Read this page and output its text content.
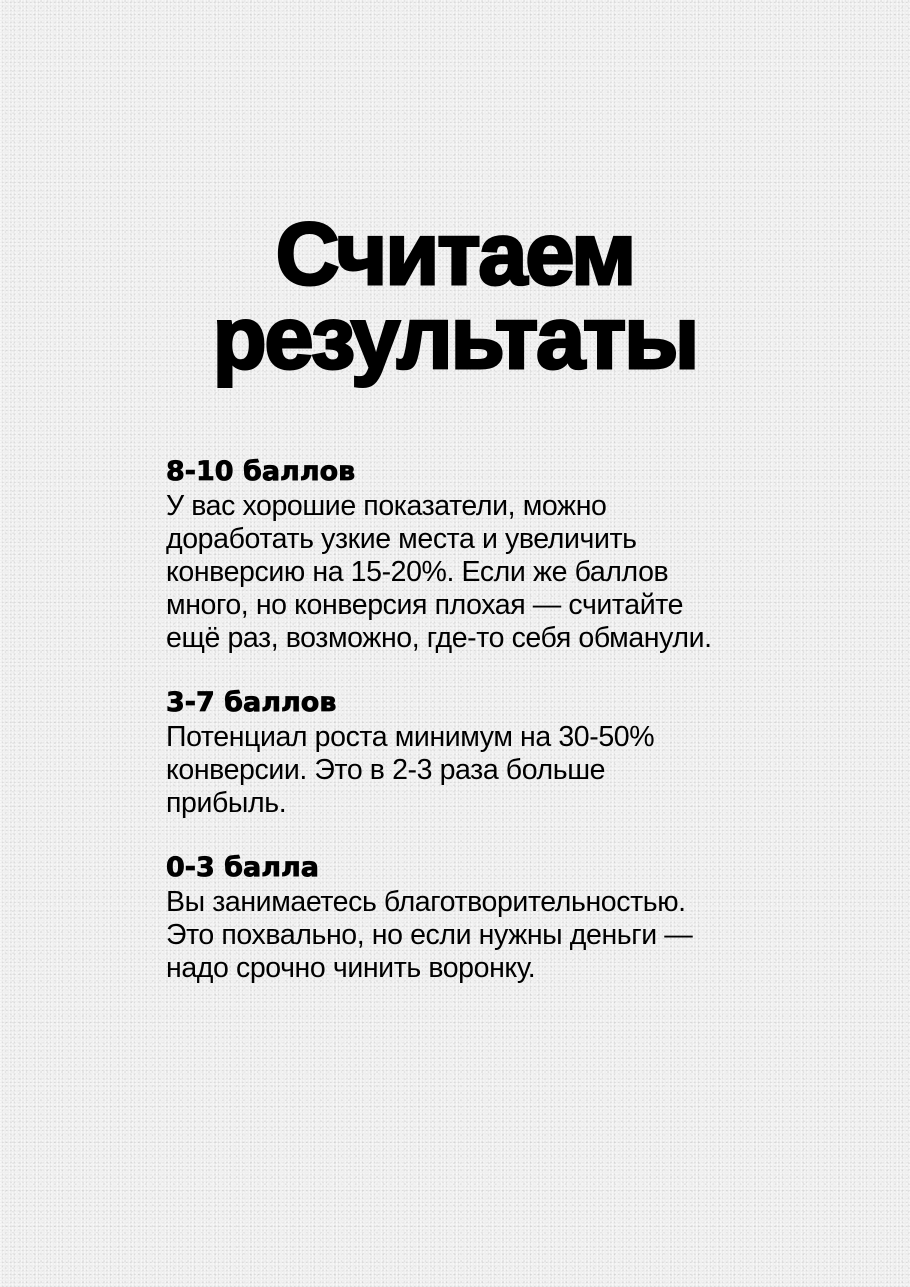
Считаем
результаты
8-10 баллов

У вас хорошие показатели, можно
доработать узкие места и увеличить
конверсию на 15-20%. Если же баллов
много, но конверсия плохая — считайте
ещё раз, возможно, где-то себя обманули.

3-7 баллов

Потенциал роста минимум на 30-50%
конверсии. Это в 2-3 раза больше
прибыль.

0-3 балла

Вы занимаетесь благотворительностью.
Это похвально, но если нужны деньги —
надо срочно чинить воронку.
